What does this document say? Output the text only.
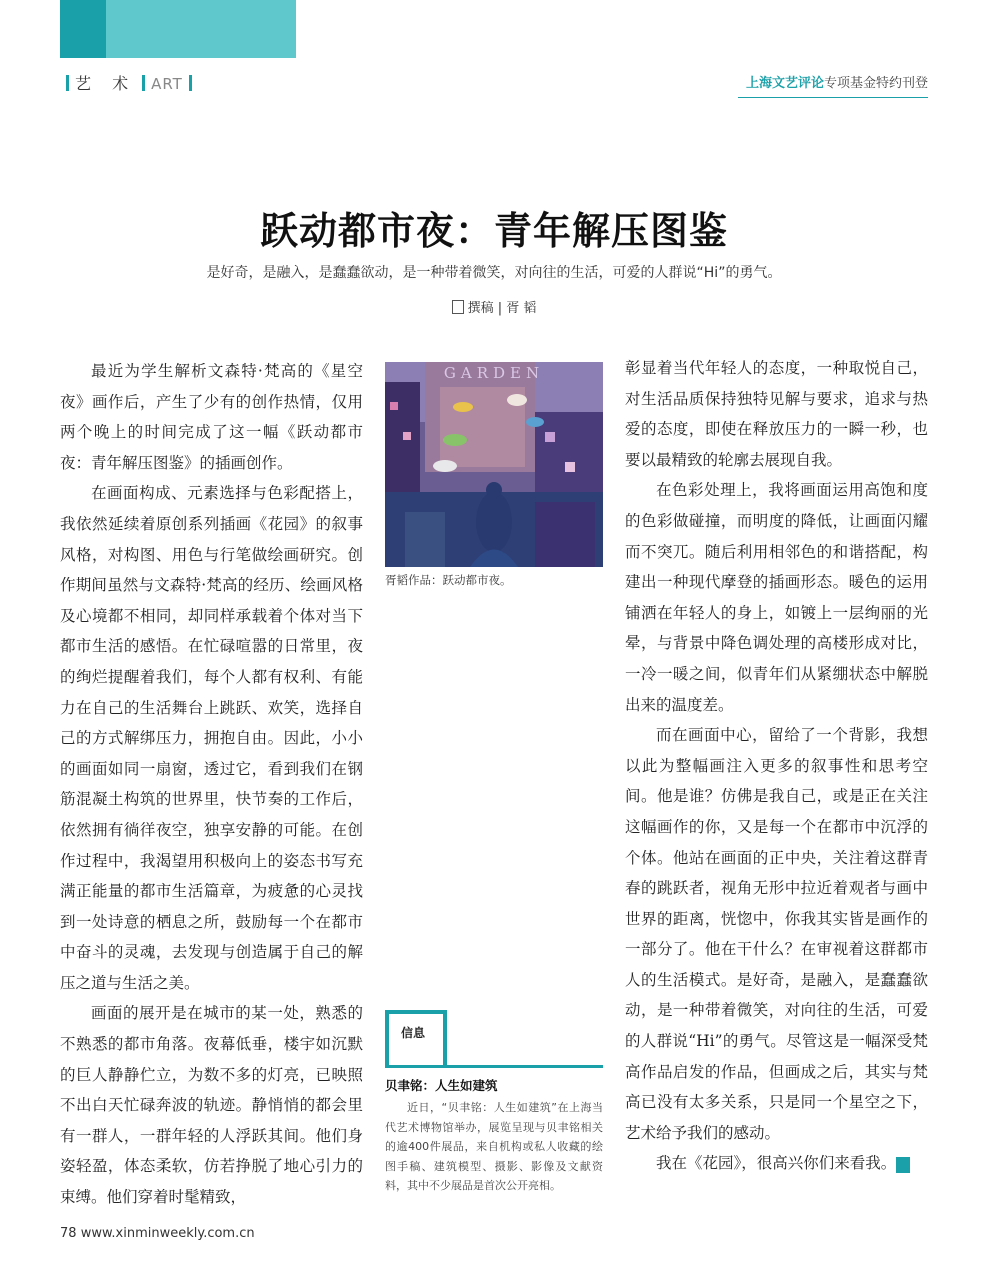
艺 术 ART	上海文艺评论专项基金特约刊登
跃动都市夜：青年解压图鉴
是好奇，是融入，是蠢蠢欲动，是一种带着微笑，对向往的生活，可爱的人群说“Hi”的勇气。
撰稿 | 胥 韬

最近为学生解析文森特·梵高的《星空夜》画作后，产生了少有的创作热情，仅用两个晚上的时间完成了这一幅《跃动都市夜：青年解压图鉴》的插画创作。

在画面构成、元素选择与色彩配搭上，我依然延续着原创系列插画《花园》的叙事风格，对构图、用色与行笔做绘画研究。创作期间虽然与文森特·梵高的经历、绘画风格及心境都不相同，却同样承载着个体对当下都市生活的感悟。在忙碌喧嚣的日常里，夜的绚烂提醒着我们，每个人都有权利、有能力在自己的生活舞台上跳跃、欢笑，选择自己的方式解绑压力，拥抱自由。因此，小小的画面如同一扇窗，透过它，看到我们在钢筋混凝土构筑的世界里，快节奏的工作后，依然拥有徜徉夜空，独享安静的可能。在创作过程中，我渴望用积极向上的姿态书写充满正能量的都市生活篇章，为疲惫的心灵找到一处诗意的栖息之所，鼓励每一个在都市中奋斗的灵魂，去发现与创造属于自己的解压之道与生活之美。

画面的展开是在城市的某一处，熟悉的不熟悉的都市角落。夜幕低垂，楼宇如沉默的巨人静静伫立，为数不多的灯亮，已映照不出白天忙碌奔波的轨迹。静悄悄的都会里有一群人，一群年轻的人浮跃其间。他们身姿轻盈，体态柔软，仿若挣脱了地心引力的束缚。他们穿着时髦精致，

GARDEN
胥韬作品：跃动都市夜。
信息
贝聿铭：人生如建筑
近日，“贝聿铭：人生如建筑”在上海当代艺术博物馆举办，展览呈现与贝聿铭相关的逾400件展品，来自机构或私人收藏的绘图手稿、建筑模型、摄影、影像及文献资料，其中不少展品是首次公开亮相。

彰显着当代年轻人的态度，一种取悦自己，对生活品质保持独特见解与要求，追求与热爱的态度，即使在释放压力的一瞬一秒，也要以最精致的轮廓去展现自我。

在色彩处理上，我将画面运用高饱和度的色彩做碰撞，而明度的降低，让画面闪耀而不突兀。随后利用相邻色的和谐搭配，构建出一种现代摩登的插画形态。暖色的运用铺洒在年轻人的身上，如镀上一层绚丽的光晕，与背景中降色调处理的高楼形成对比，一冷一暖之间，似青年们从紧绷状态中解脱出来的温度差。

而在画面中心，留给了一个背影，我想以此为整幅画注入更多的叙事性和思考空间。他是谁？仿佛是我自己，或是正在关注这幅画作的你，又是每一个在都市中沉浮的个体。他站在画面的正中央，关注着这群青春的跳跃者，视角无形中拉近着观者与画中世界的距离，恍惚中，你我其实皆是画作的一部分了。他在干什么？在审视着这群都市人的生活模式。是好奇，是融入，是蠢蠢欲动，是一种带着微笑，对向往的生活，可爱的人群说“Hi”的勇气。尽管这是一幅深受梵高作品启发的作品，但画成之后，其实与梵高已没有太多关系，只是同一个星空之下，艺术给予我们的感动。

我在《花园》，很高兴你们来看我。	民

78 www.xinminweekly.com.cn
